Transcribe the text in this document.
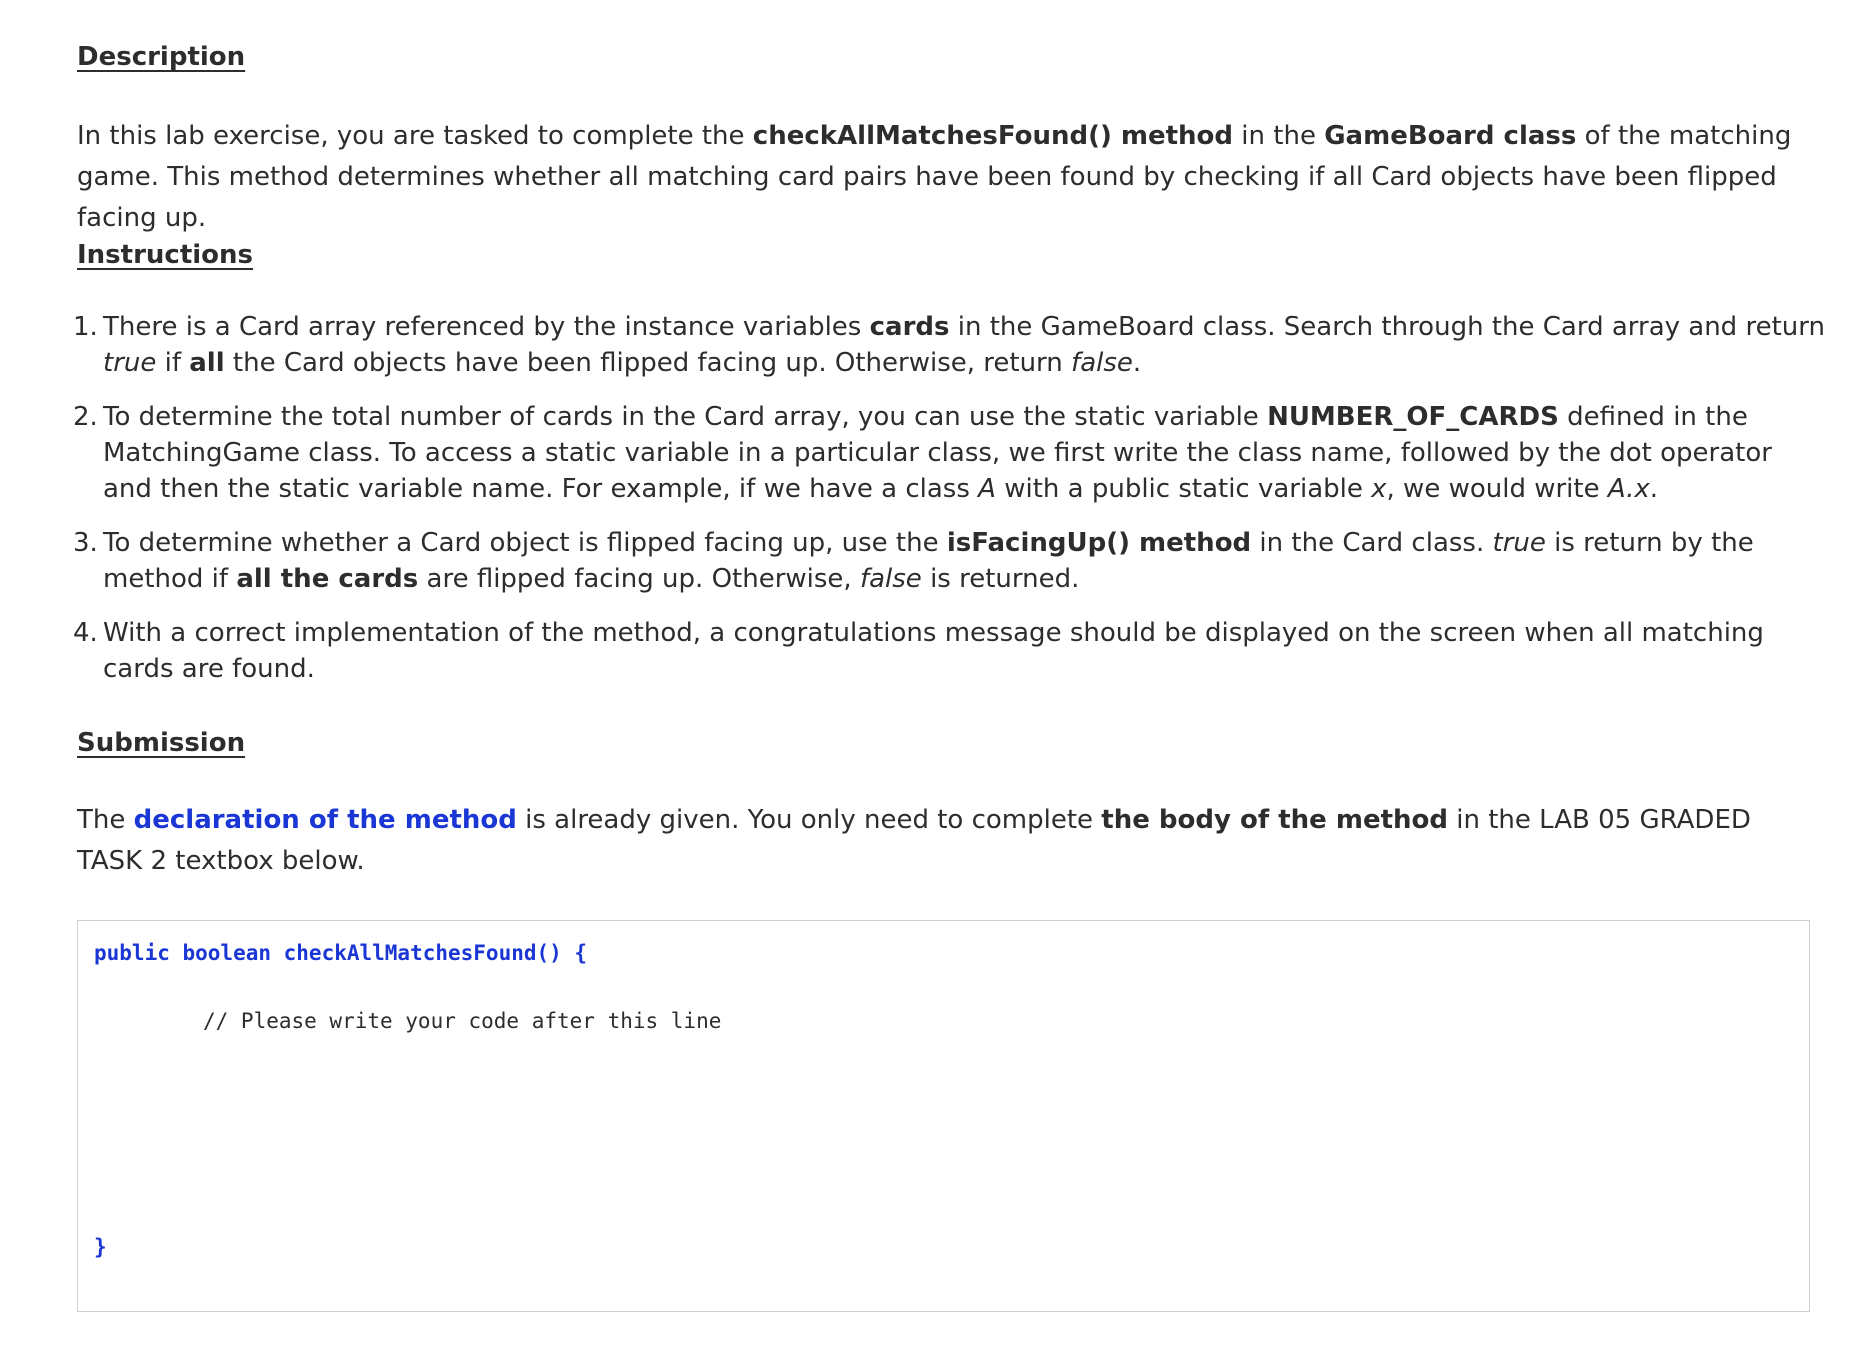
Description

In this lab exercise, you are tasked to complete the checkAllMatchesFound() method in the GameBoard class of the matching game. This method determines whether all matching card pairs have been found by checking if all Card objects have been flipped facing up.

Instructions
1. There is a Card array referenced by the instance variables cards in the GameBoard class. Search through the Card array and return true if all the Card objects have been flipped facing up. Otherwise, return false.
2. To determine the total number of cards in the Card array, you can use the static variable NUMBER_OF_CARDS defined in the MatchingGame class. To access a static variable in a particular class, we first write the class name, followed by the dot operator and then the static variable name. For example, if we have a class A with a public static variable x, we would write A.x.
3. To determine whether a Card object is flipped facing up, use the isFacingUp() method in the Card class. true is return by the method if all the cards are flipped facing up. Otherwise, false is returned.
4. With a correct implementation of the method, a congratulations message should be displayed on the screen when all matching cards are found.
Submission

The declaration of the method is already given. You only need to complete the body of the method in the LAB 05 GRADED TASK 2 textbox below.

public boolean checkAllMatchesFound() {
// Please write your code after this line
}
